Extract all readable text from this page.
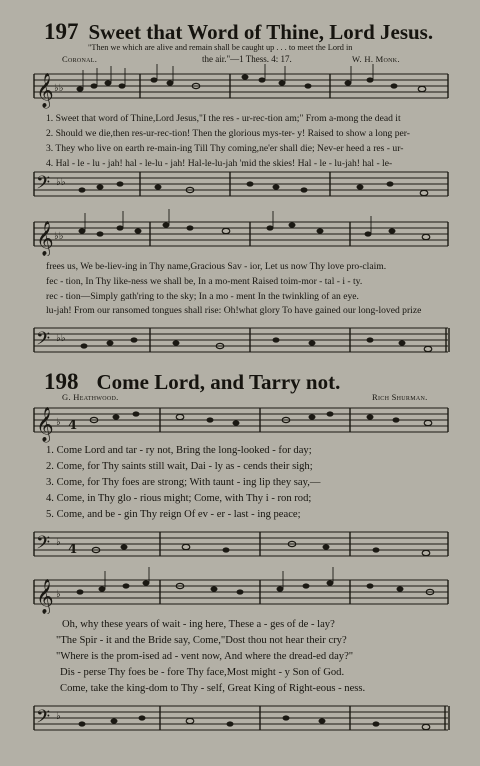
197 Sweet that Word of Thine, Lord Jesus.
"Then we which are alive and remain shall be caught up . . . to meet the Lord in
Coronal.	the air."—1 Thess. 4: 17.	W. H. Monk.
𝄞 ♭♭
1. Sweet that word of Thine,Lord Jesus,"I the res - ur-rec-tion am;" From a-mong the dead it
2. Should we die,then res-ur-rec-tion! Then the glorious mys-ter- y! Raised to show a long per-
3. They who live on earth re-main-ing Till Thy coming,ne'er shall die; Nev-er heed a res - ur-
4. Hal - le - lu - jah! hal - le-lu - jah! Hal-le-lu-jah 'mid the skies! Hal - le - lu-jah! hal - le-
𝄢 ♭♭
𝄞 ♭♭
frees us, We be-liev-ing in Thy name,Gracious Sav - ior, Let us now Thy love pro-claim.
fec - tion, In Thy like-ness we shall be, In a mo-ment Raised toim-mor - tal - i - ty.
rec - tion—Simply gath'ring to the sky; In a mo - ment In the twinkling of an eye.
lu-jah! From our ransomed tongues shall rise: Oh!what glory To have gained our long-loved prize
𝄢 ♭♭
198 Come Lord, and Tarry not.
G. Heathwood.	Rich Shurman.
𝄞 ♭ 4
1. Come Lord and tar - ry not, Bring the long-looked - for day;
2. Come, for Thy saints still wait, Dai - ly as - cends their sigh;
3. Come, for Thy foes are strong; With taunt - ing lip they say,—
4. Come, in Thy glo - rious might; Come, with Thy i - ron rod;
5. Come, and be - gin Thy reign Of ev - er - last - ing peace;
𝄢 ♭ 4
𝄞 ♭
Oh, why these years of wait - ing here, These a - ges of de - lay?
"The Spir - it and the Bride say, Come,"Dost thou not hear their cry?
"Where is the prom-ised ad - vent now, And where the dread-ed day?"
Dis - perse Thy foes be - fore Thy face,Most might - y Son of God.
Come, take the king-dom to Thy - self, Great King of Right-eous - ness.
𝄢 ♭
